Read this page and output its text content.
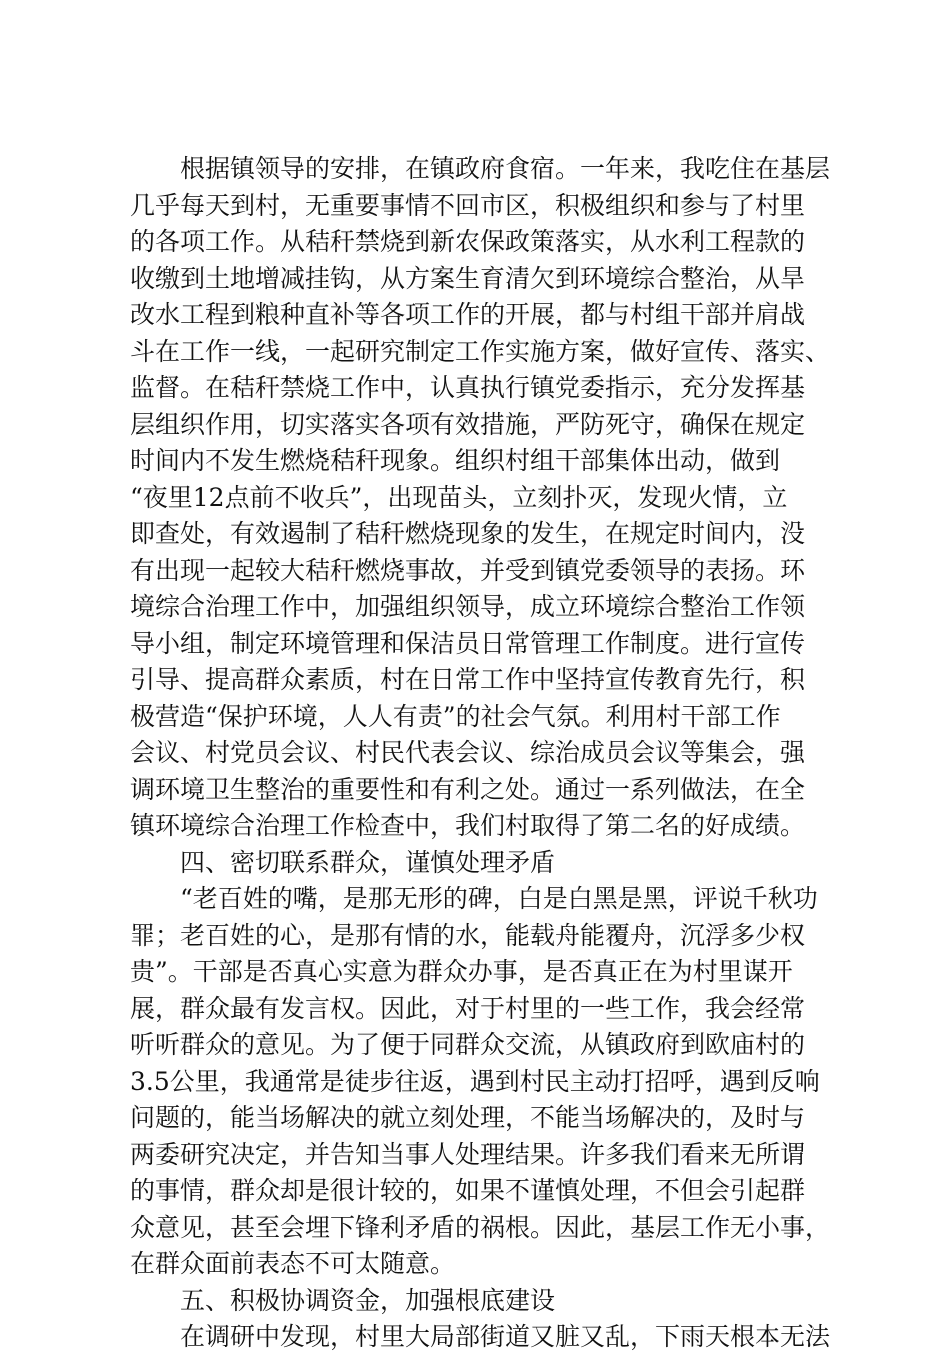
根据镇领导的安排，在镇政府食宿。一年来，我吃住在基层
几乎每天到村，无重要事情不回市区，积极组织和参与了村里
的各项工作。从秸秆禁烧到新农保政策落实，从水利工程款的
收缴到土地增减挂钩，从方案生育清欠到环境综合整治，从旱
改水工程到粮种直补等各项工作的开展，都与村组干部并肩战
斗在工作一线，一起研究制定工作实施方案，做好宣传、落实、
监督。在秸秆禁烧工作中，认真执行镇党委指示，充分发挥基
层组织作用，切实落实各项有效措施，严防死守，确保在规定
时间内不发生燃烧秸秆现象。组织村组干部集体出动，做到
“夜里12点前不收兵”，出现苗头，立刻扑灭，发现火情，立
即查处，有效遏制了秸秆燃烧现象的发生，在规定时间内，没
有出现一起较大秸秆燃烧事故，并受到镇党委领导的表扬。环
境综合治理工作中，加强组织领导，成立环境综合整治工作领
导小组，制定环境管理和保洁员日常管理工作制度。进行宣传
引导、提高群众素质，村在日常工作中坚持宣传教育先行，积
极营造“保护环境，人人有责”的社会气氛。利用村干部工作
会议、村党员会议、村民代表会议、综治成员会议等集会，强
调环境卫生整治的重要性和有利之处。通过一系列做法，在全
镇环境综合治理工作检查中，我们村取得了第二名的好成绩。
四、密切联系群众，谨慎处理矛盾
“老百姓的嘴，是那无形的碑，白是白黑是黑，评说千秋功
罪；老百姓的心，是那有情的水，能载舟能覆舟，沉浮多少权
贵”。干部是否真心实意为群众办事，是否真正在为村里谋开
展，群众最有发言权。因此，对于村里的一些工作，我会经常
听听群众的意见。为了便于同群众交流，从镇政府到欧庙村的
3.5公里，我通常是徒步往返，遇到村民主动打招呼，遇到反响
问题的，能当场解决的就立刻处理，不能当场解决的，及时与
两委研究决定，并告知当事人处理结果。许多我们看来无所谓
的事情，群众却是很计较的，如果不谨慎处理，不但会引起群
众意见，甚至会埋下锋利矛盾的祸根。因此，基层工作无小事，
在群众面前表态不可太随意。
五、积极协调资金，加强根底建设
在调研中发现，村里大局部街道又脏又乱，下雨天根本无法
